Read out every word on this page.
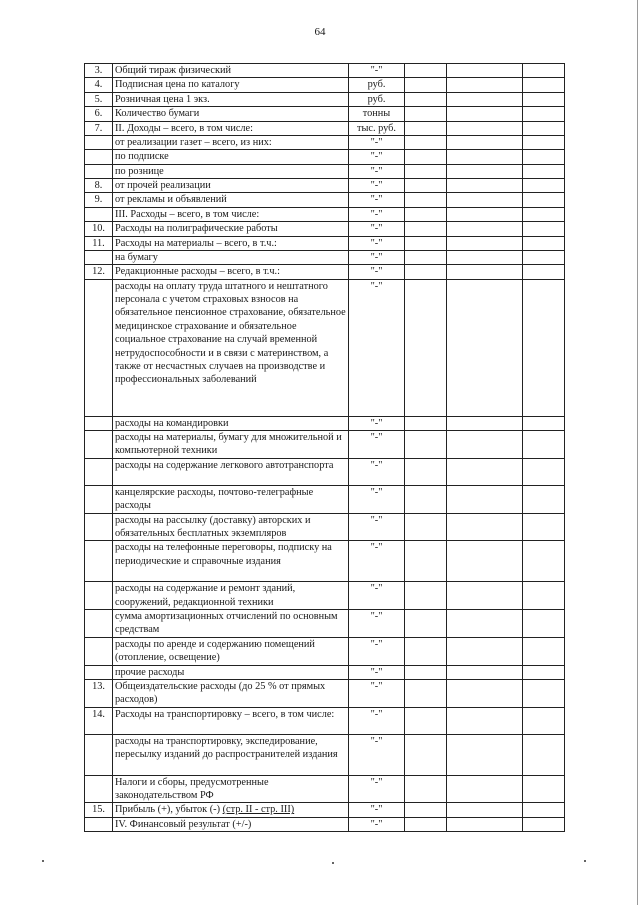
64
3.	Общий тираж физический	"-"			
4.	Подписная цена по каталогу	руб.			
5.	Розничная цена 1 экз.	руб.			
6.	Количество бумаги	тонны			
7.	II. Доходы – всего, в том числе:	тыс. руб.			
	от реализации газет – всего, из них:	"-"			
	по подписке	"-"			
	по рознице	"-"			
8.	от прочей реализации	"-"			
9.	от рекламы и объявлений	"-"			
	III. Расходы – всего, в том числе:	"-"			
10.	Расходы на полиграфические работы	"-"			
11.	Расходы на материалы – всего, в т.ч.:	"-"			
	на бумагу	"-"			
12.	Редакционные расходы – всего, в т.ч.:	"-"			
	расходы на оплату труда штатного и нештатного персонала с учетом страховых взносов на обязательное пенсионное страхование, обязательное медицинское страхование и обязательное социальное страхование на случай временной нетрудоспособности и в связи с материнством, а также от несчастных случаев на производстве и профессиональных заболеваний	"-"			
	расходы на командировки	"-"			
	расходы на материалы, бумагу для множительной и компьютерной техники	"-"			
	расходы на содержание легкового автотранспорта	"-"			
	канцелярские расходы, почтово-телеграфные расходы	"-"			
	расходы на рассылку (доставку) авторских и обязательных бесплатных экземпляров	"-"			
	расходы на телефонные переговоры, подписку на периодические и справочные издания	"-"			
	расходы на содержание и ремонт зданий, сооружений, редакционной техники	"-"			
	сумма амортизационных отчислений по основным средствам	"-"			
	расходы по аренде и содержанию помещений (отопление, освещение)	"-"			
	прочие расходы	"-"			
13.	Общеиздательские расходы (до 25 % от прямых расходов)	"-"			
14.	Расходы на транспортировку – всего, в том числе:	"-"			
	расходы на транспортировку, экспедирование, пересылку изданий до распространителей издания	"-"			
	Налоги и сборы, предусмотренные законодательством РФ	"-"			
15.	Прибыль (+), убыток (-) (стр. II - стр. III)	"-"			
	IV. Финансовый результат (+/-)	"-"			
